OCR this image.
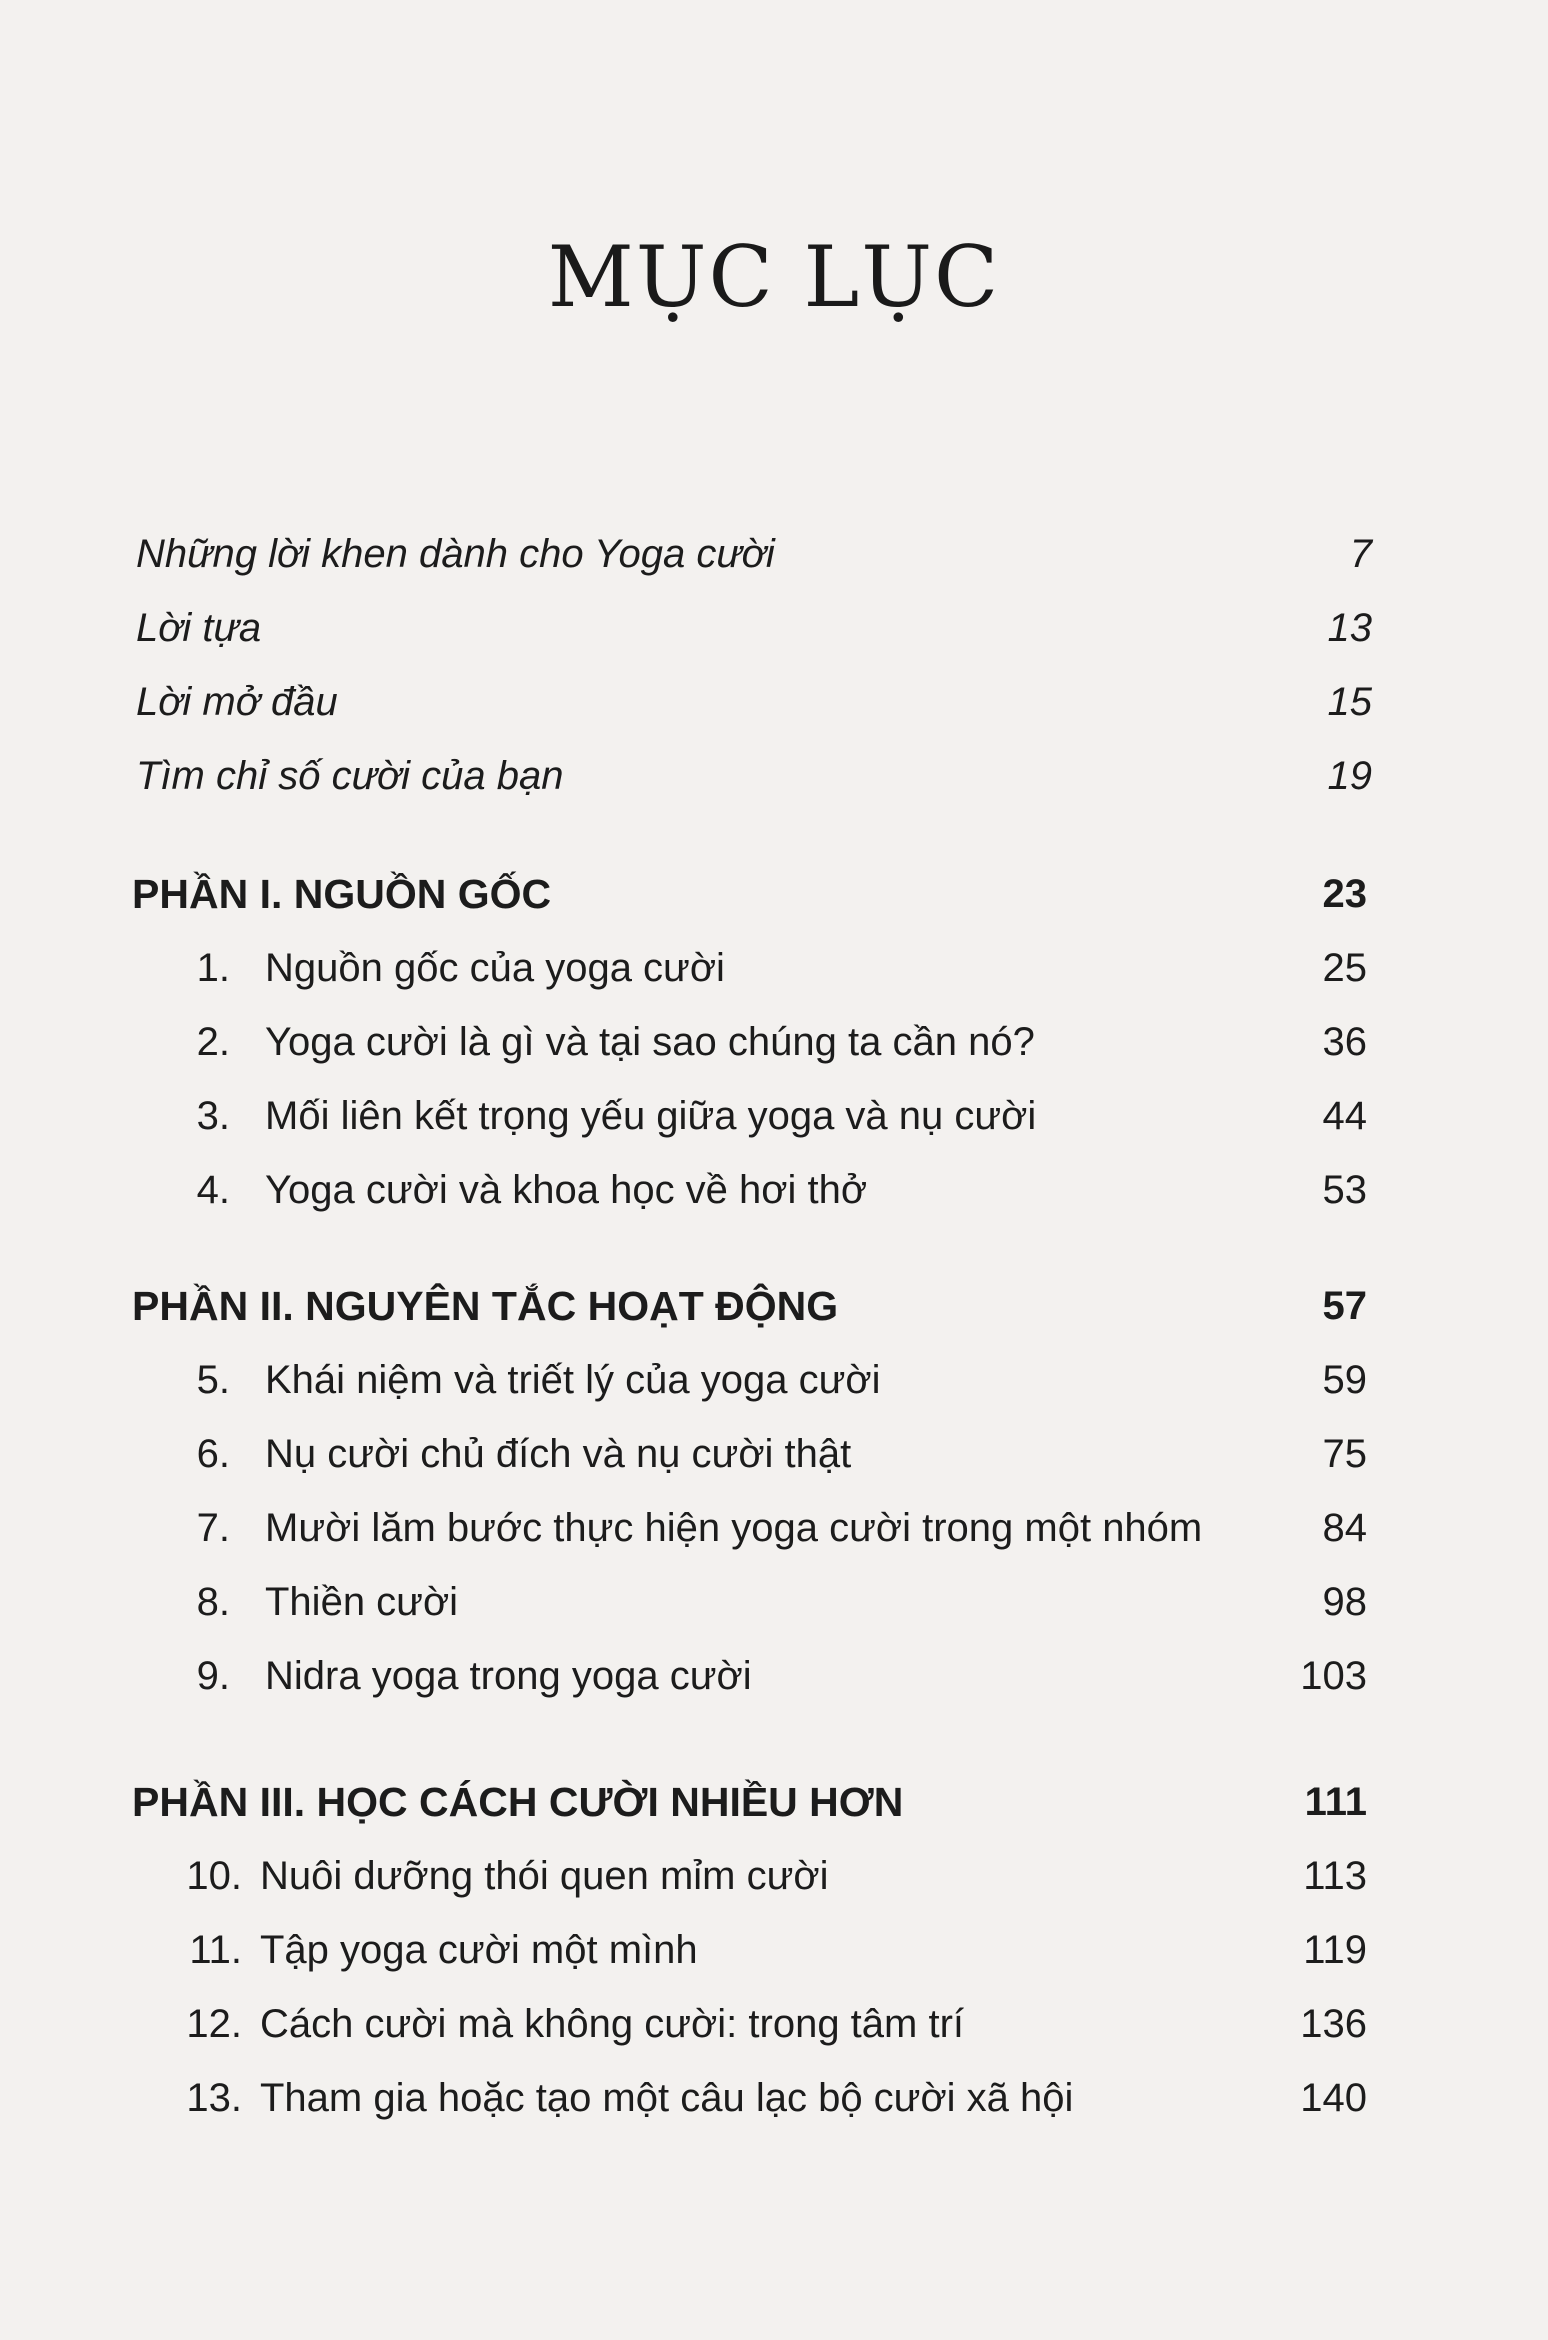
MỤC LỤC
Những lời khen dành cho Yoga cười	7
Lời tựa	13
Lời mở đầu	15
Tìm chỉ số cười của bạn	19
PHẦN I. NGUỒN GỐC	23
1. Nguồn gốc của yoga cười	25
2. Yoga cười là gì và tại sao chúng ta cần nó?	36
3. Mối liên kết trọng yếu giữa yoga và nụ cười	44
4. Yoga cười và khoa học về hơi thở	53
PHẦN II. NGUYÊN TẮC HOẠT ĐỘNG	57
5. Khái niệm và triết lý của yoga cười	59
6. Nụ cười chủ đích và nụ cười thật	75
7. Mười lăm bước thực hiện yoga cười trong một nhóm	84
8. Thiền cười	98
9. Nidra yoga trong yoga cười	103
PHẦN III. HỌC CÁCH CƯỜI NHIỀU HƠN	111
10. Nuôi dưỡng thói quen mỉm cười	113
11. Tập yoga cười một mình	119
12. Cách cười mà không cười: trong tâm trí	136
13. Tham gia hoặc tạo một câu lạc bộ cười xã hội	140
